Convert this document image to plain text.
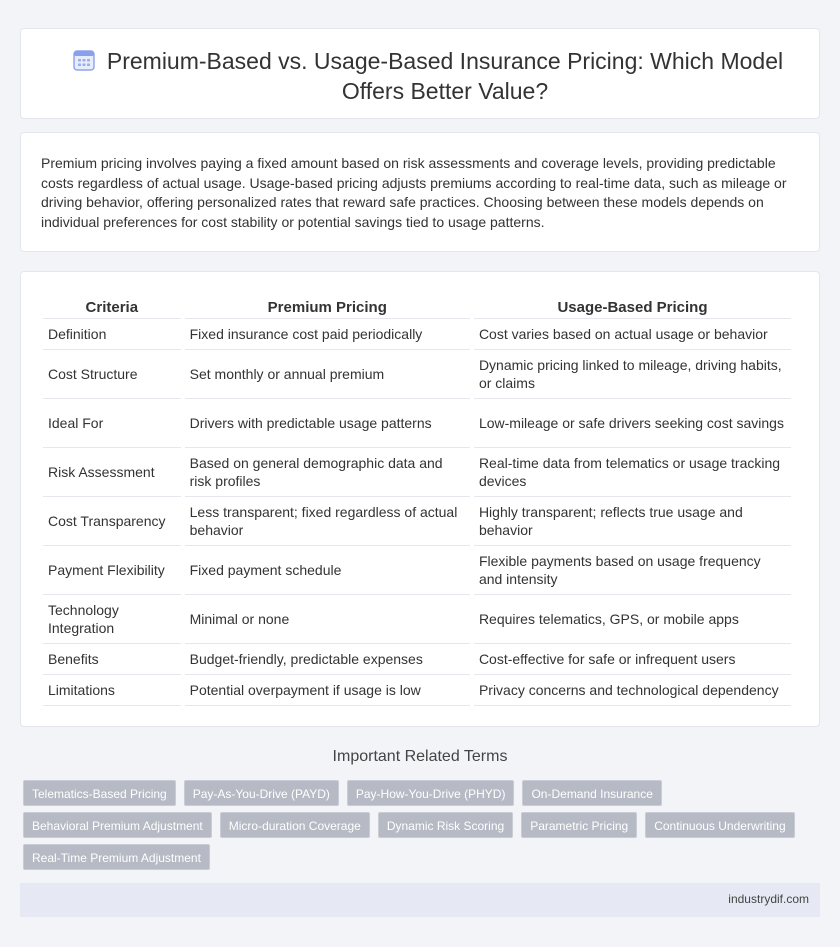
Premium-Based vs. Usage-Based Insurance Pricing: Which Model Offers Better Value?

Premium pricing involves paying a fixed amount based on risk assessments and coverage levels, providing predictable costs regardless of actual usage. Usage-based pricing adjusts premiums according to real-time data, such as mileage or driving behavior, offering personalized rates that reward safe practices. Choosing between these models depends on individual preferences for cost stability or potential savings tied to usage patterns.

Criteria	Premium Pricing	Usage-Based Pricing
Definition	Fixed insurance cost paid periodically	Cost varies based on actual usage or behavior
Cost Structure	Set monthly or annual premium	Dynamic pricing linked to mileage, driving habits, or claims
Ideal For	Drivers with predictable usage patterns	Low-mileage or safe drivers seeking cost savings
Risk Assessment	Based on general demographic data and risk profiles	Real-time data from telematics or usage tracking devices
Cost Transparency	Less transparent; fixed regardless of actual behavior	Highly transparent; reflects true usage and behavior
Payment Flexibility	Fixed payment schedule	Flexible payments based on usage frequency and intensity
Technology Integration	Minimal or none	Requires telematics, GPS, or mobile apps
Benefits	Budget-friendly, predictable expenses	Cost-effective for safe or infrequent users
Limitations	Potential overpayment if usage is low	Privacy concerns and technological dependency
Important Related Terms
Telematics-Based Pricing	Pay-As-You-Drive (PAYD)	Pay-How-You-Drive (PHYD)	On-Demand Insurance
Behavioral Premium Adjustment	Micro-duration Coverage	Dynamic Risk Scoring	Parametric Pricing	Continuous Underwriting
Real-Time Premium Adjustment
industrydif.com
